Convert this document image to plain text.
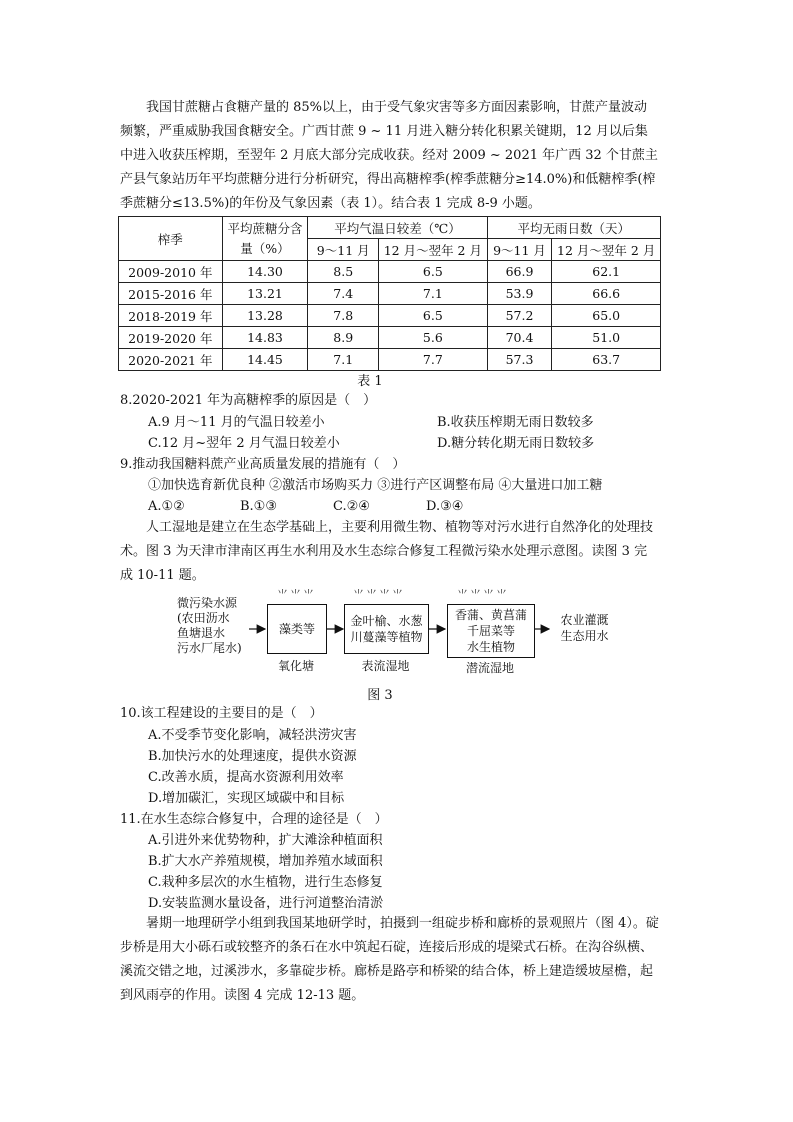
我国甘蔗糖占食糖产量的 85%以上，由于受气象灾害等多方面因素影响，甘蔗产量波动频繁，严重威胁我国食糖安全。广西甘蔗 9 ~ 11 月进入糖分转化积累关键期，12 月以后集中进入收获压榨期，至翌年 2 月底大部分完成收获。经对 2009 ~ 2021 年广西 32 个甘蔗主产县气象站历年平均蔗糖分进行分析研究，得出高糖榨季(榨季蔗糖分≥14.0%)和低糖榨季(榨季蔗糖分≤13.5%)的年份及气象因素（表 1）。结合表 1 完成 8-9 小题。
榨季	平均蔗糖分含量（%）	平均气温日较差（℃）		平均无雨日数（天）	
		9～11 月	12 月～翌年 2 月	9～11 月	12 月～翌年 2 月
2009-2010 年	14.30	8.5	6.5	66.9	62.1
2015-2016 年	13.21	7.4	7.1	53.9	66.6
2018-2019 年	13.28	7.8	6.5	57.2	65.0
2019-2020 年	14.83	8.9	5.6	70.4	51.0
2020-2021 年	14.45	7.1	7.7	57.3	63.7
表 1
8.2020-2021 年为高糖榨季的原因是（　）
A.9 月～11 月的气温日较差小	B.收获压榨期无雨日数较多
C.12 月~翌年 2 月气温日较差小	D.糖分转化期无雨日数较多
9.推动我国糖料蔗产业高质量发展的措施有（　）
①加快选育新优良种 ②激活市场购买力 ③进行产区调整布局 ④大量进口加工糖
A.①②	B.①③	C.②④	D.③④
人工湿地是建立在生态学基础上，主要利用微生物、植物等对污水进行自然净化的处理技术。图 3 为天津市津南区再生水利用及水生态综合修复工程微污染水处理示意图。读图 3 完成 10-11 题。
微污染水源
(农田沥水
鱼塘退水
污水厂尾水)
⺌⺌⺌
藻类等
⺌⺌⺌⺌
金叶榆、水葱
川蔓藻等植物
⺌⺌⺌⺌
香蒲、黄菖蒲
千屈菜等
水生植物
农业灌溉
生态用水
氧化塘	表流湿地	潜流湿地
图 3
10.该工程建设的主要目的是（　）
A.不受季节变化影响，减轻洪涝灾害
B.加快污水的处理速度，提供水资源
C.改善水质，提高水资源利用效率
D.增加碳汇，实现区域碳中和目标
11.在水生态综合修复中，合理的途径是（　）
A.引进外来优势物种，扩大滩涂种植面积
B.扩大水产养殖规模，增加养殖水域面积
C.栽种多层次的水生植物，进行生态修复
D.安装监测水量设备，进行河道整治清淤
暑期一地理研学小组到我国某地研学时，拍摄到一组碇步桥和廊桥的景观照片（图 4）。碇步桥是用大小砾石或较整齐的条石在水中筑起石碇，连接后形成的堤梁式石桥。在沟谷纵横、溪流交错之地，过溪涉水，多靠碇步桥。廊桥是路亭和桥梁的结合体，桥上建造缓坡屋檐，起到风雨亭的作用。读图 4 完成 12-13 题。
